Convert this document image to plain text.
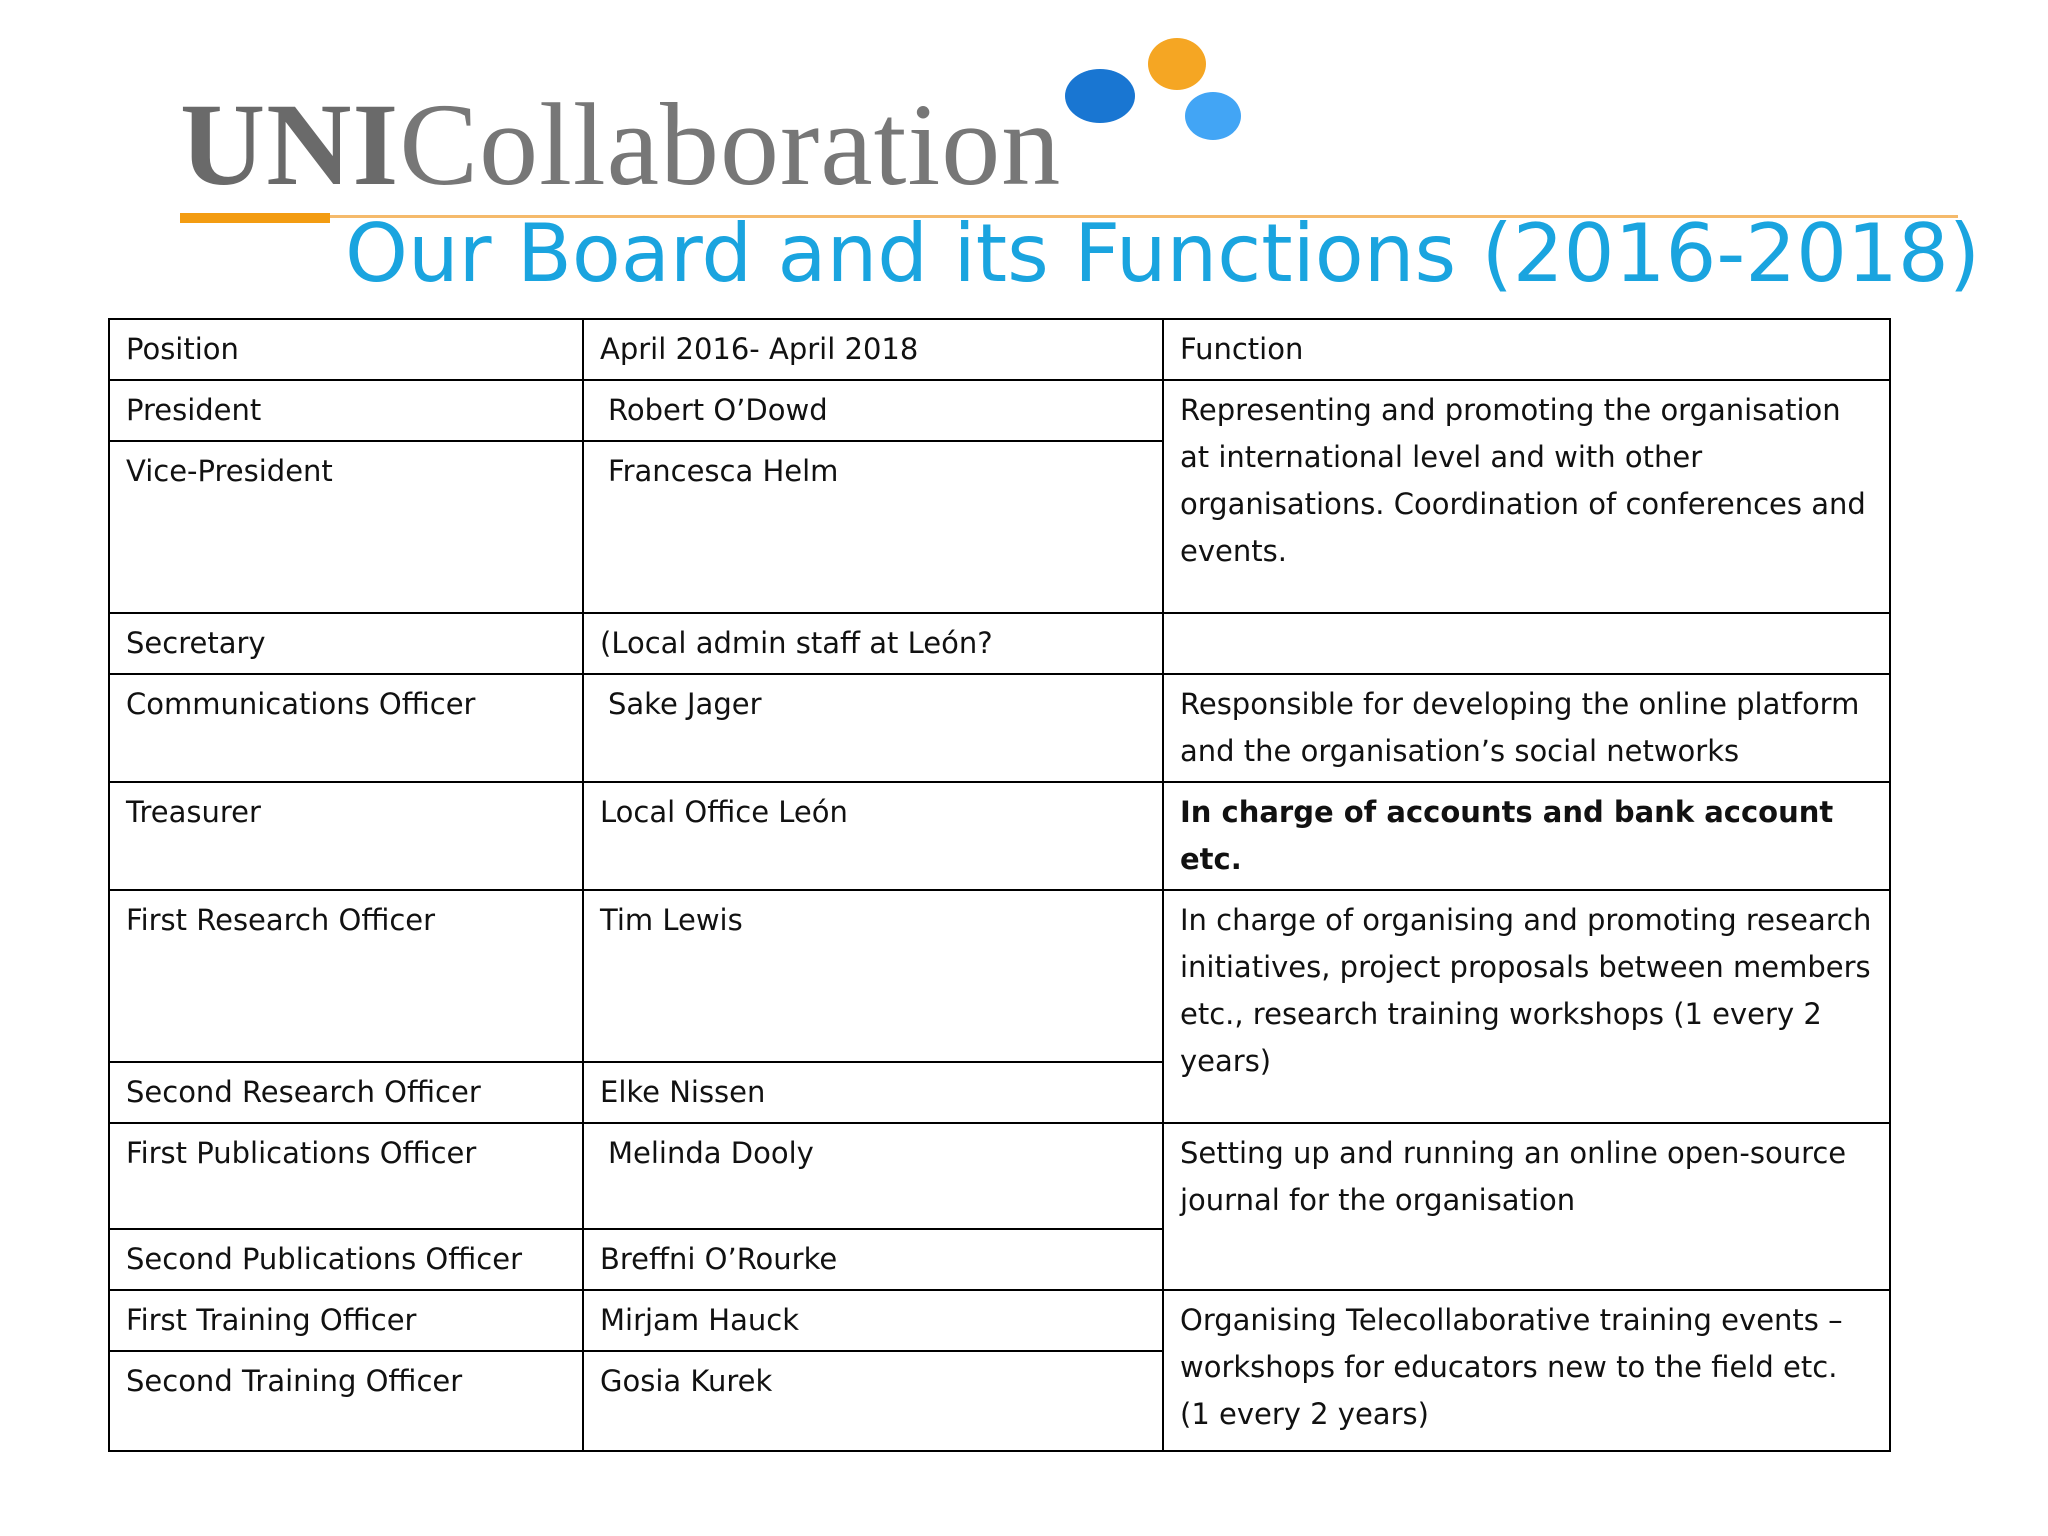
UNICollaboration
Our Board and its Functions (2016-2018)
Position	April 2016- April 2018	Function
President	Robert O’Dowd	Representing and promoting the organisation at international level and with other organisations. Coordination of conferences and events.
Vice-President	Francesca Helm	
Secretary	(Local admin staff at León?	
Communications Officer	Sake Jager	Responsible for developing the online platform and the organisation’s social networks
Treasurer	Local Office León	In charge of accounts and bank account etc.
First Research Officer	Tim Lewis	In charge of organising and promoting research initiatives, project proposals between members etc., research training workshops (1 every 2 years)
Second Research Officer	Elke Nissen	
First Publications Officer	Melinda Dooly	Setting up and running an online open-source journal for the organisation
Second Publications Officer	Breffni O’Rourke	
First Training Officer	Mirjam Hauck	Organising Telecollaborative training events – workshops for educators new to the field etc. (1 every 2 years)
Second Training Officer	Gosia Kurek	
